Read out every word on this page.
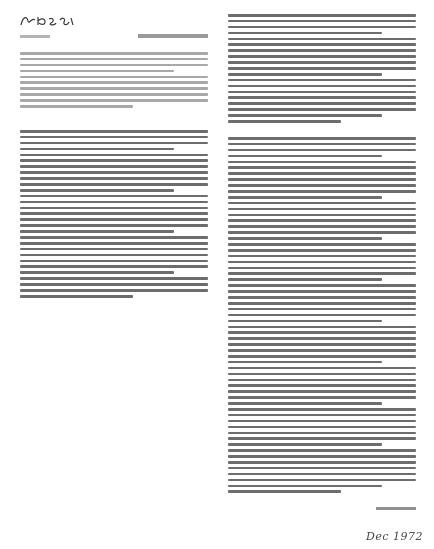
Dec 1972
